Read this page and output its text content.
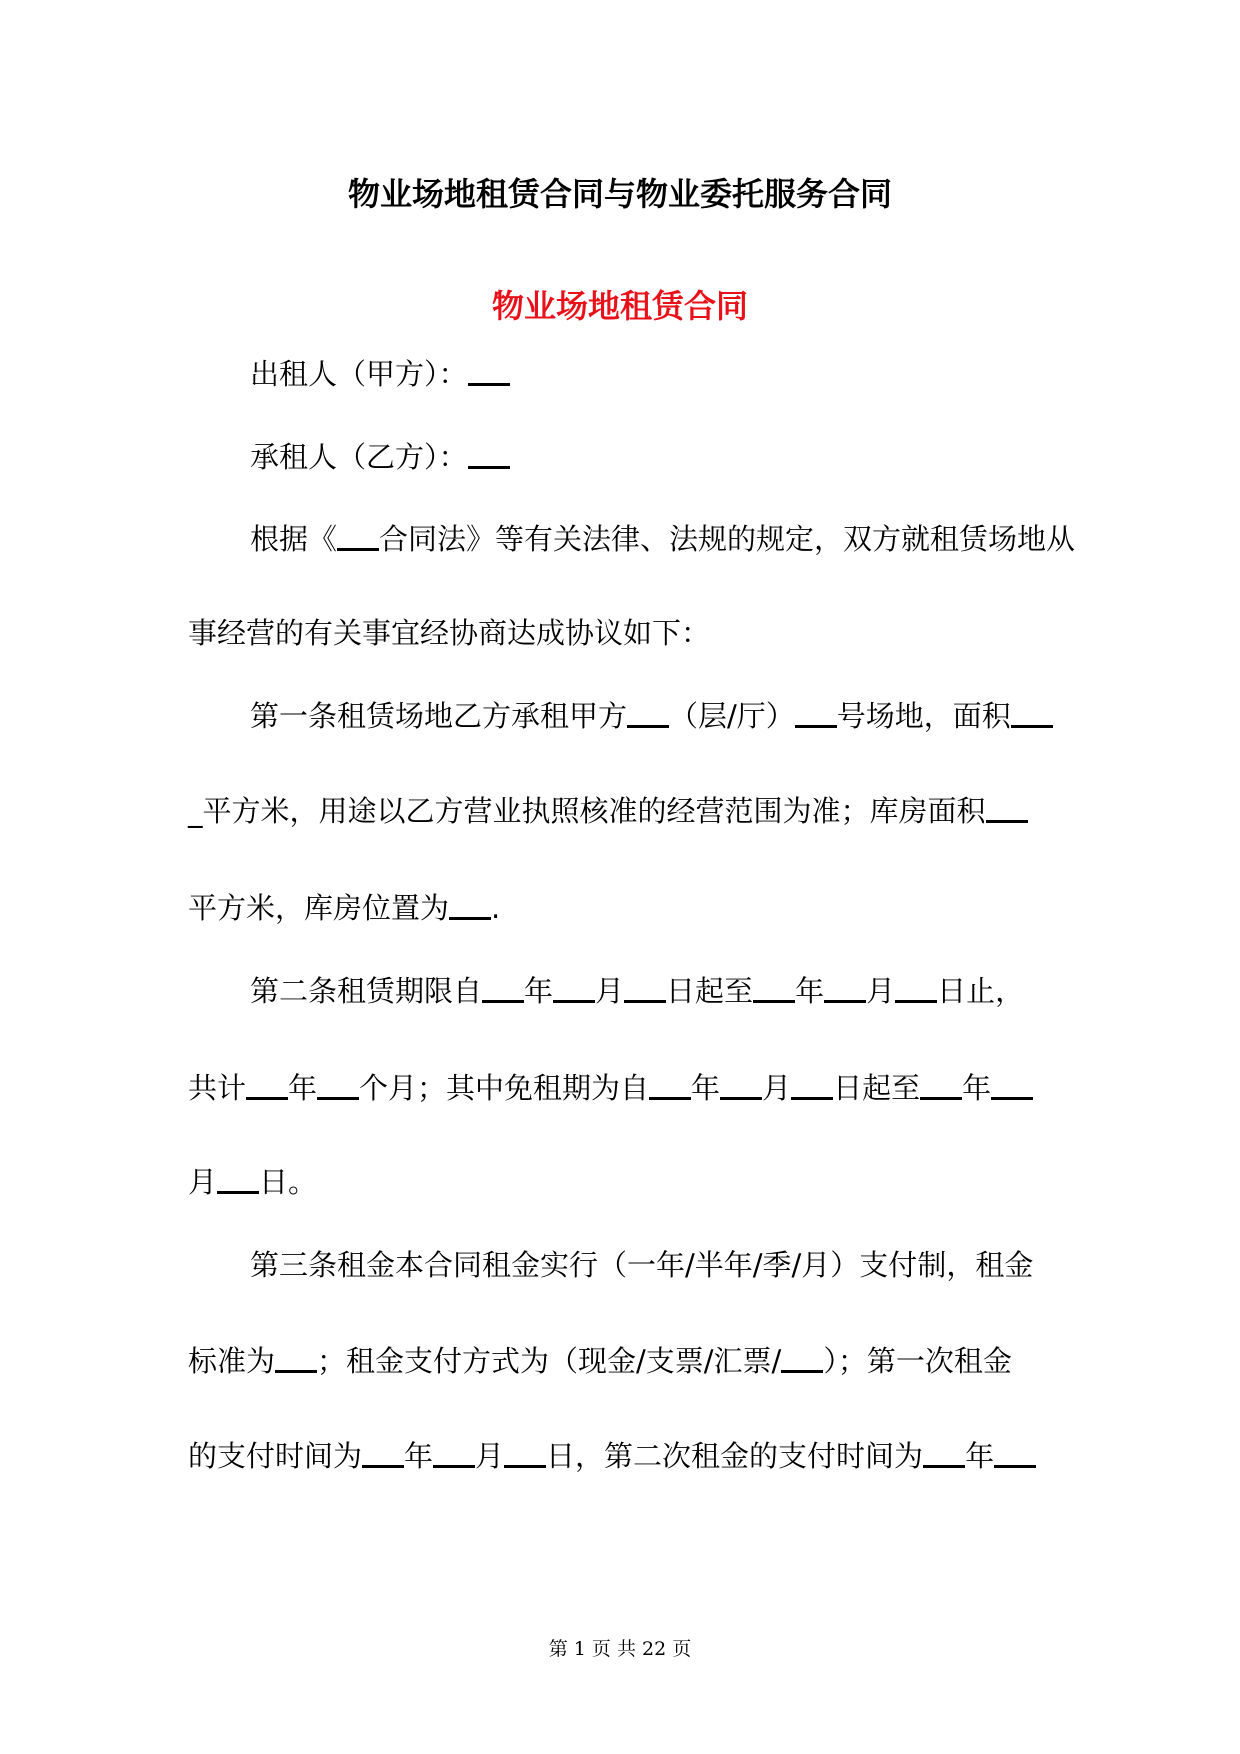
物业场地租赁合同与物业委托服务合同
物业场地租赁合同
出租人（甲方）：
承租人（乙方）：
根据《 合同法》等有关法律、法规的规定，双方就租赁场地从
事经营的有关事宜经协商达成协议如下：
第一条租赁场地乙方承租甲方 （层/厅） 号场地，面积
_平方米，用途以乙方营业执照核准的经营范围为准；库房面积
平方米，库房位置为 .
第二条租赁期限自 年 月 日起至 年 月 日止，
共计 年 个月；其中免租期为自 年 月 日起至 年
月 日。
第三条租金本合同租金实行（一年/半年/季/月）支付制，租金
标准为 ；租金支付方式为（现金/支票/汇票/ ）；第一次租金
的支付时间为 年 月 日，第二次租金的支付时间为 年
第 1 页 共 22 页
